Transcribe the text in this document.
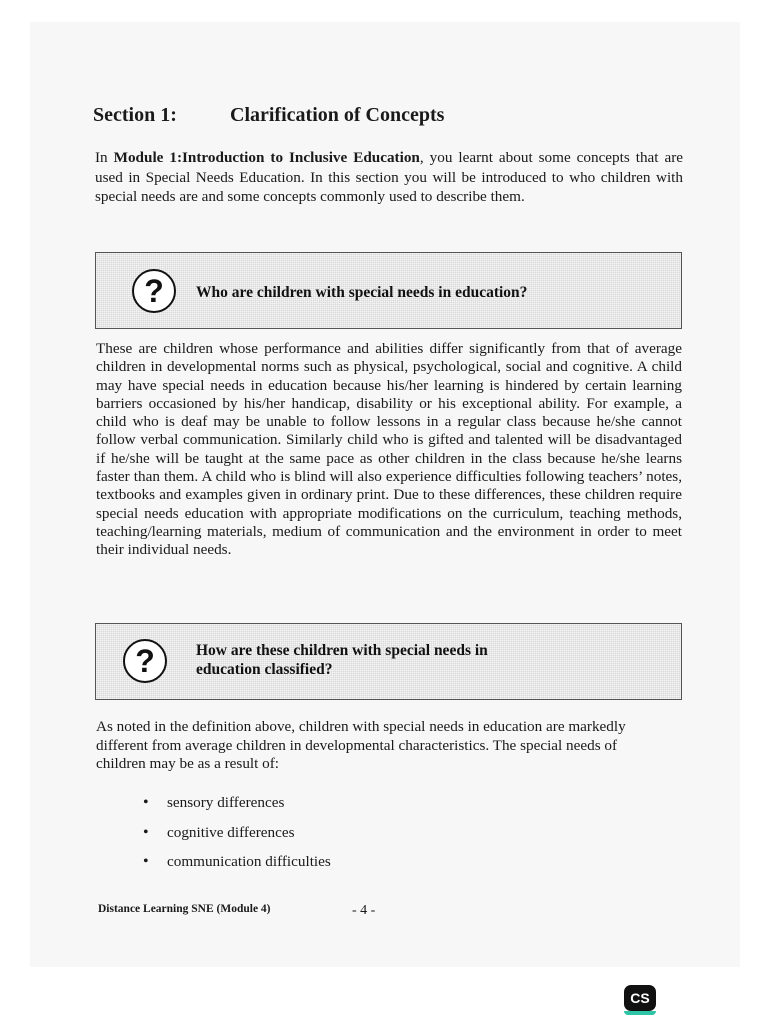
Section 1:	Clarification of Concepts
In Module 1:Introduction to Inclusive Education, you learnt about some concepts that are used in Special Needs Education. In this section you will be introduced to who children with special needs are and some concepts commonly used to describe them.
?	Who are children with special needs in education?
These are children whose performance and abilities differ significantly from that of average children in developmental norms such as physical, psychological, social and cognitive. A child may have special needs in education because his/her learning is hindered by certain learning barriers occasioned by his/her handicap, disability or his exceptional ability. For example, a child who is deaf may be unable to follow lessons in a regular class because he/she cannot follow verbal communication. Similarly child who is gifted and talented will be disadvantaged if he/she will be taught at the same pace as other children in the class because he/she learns faster than them. A child who is blind will also experience difficulties following teachers’ notes, textbooks and examples given in ordinary print. Due to these differences, these children require special needs education with appropriate modifications on the curriculum, teaching methods, teaching/learning materials, medium of communication and the environment in order to meet their individual needs.
?	How are these children with special needs in education classified?
As noted in the definition above, children with special needs in education are markedly different from average children in developmental characteristics. The special needs of children may be as a result of:
• sensory differences
• cognitive differences
• communication difficulties
Distance Learning SNE (Module 4)	- 4 -
CS
